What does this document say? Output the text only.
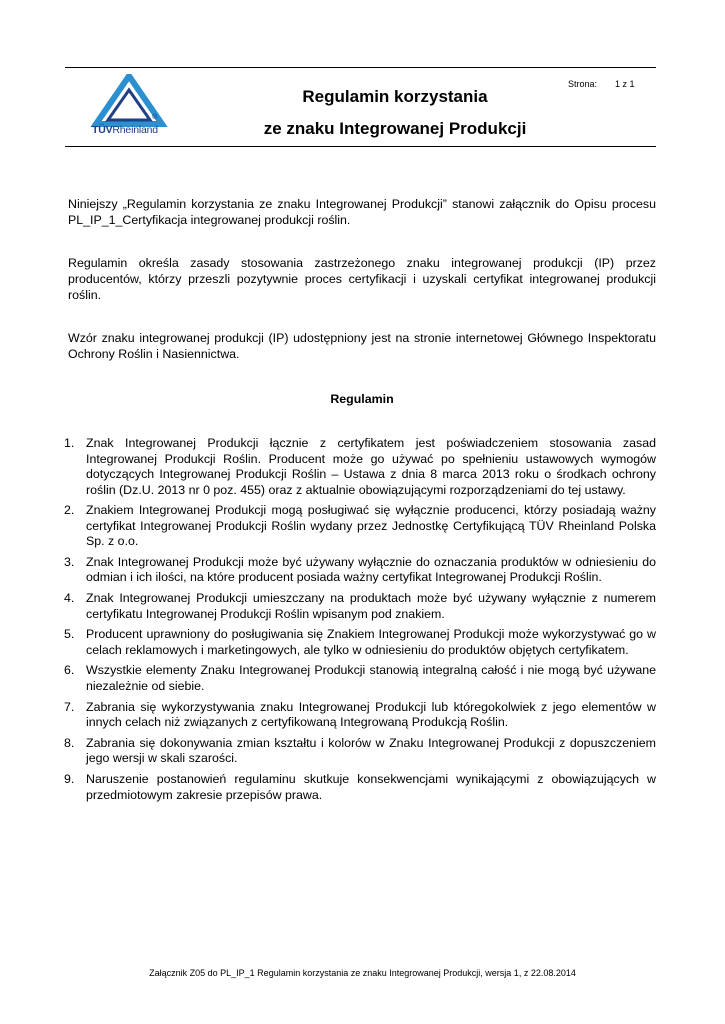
®
TÜVRheinland
Strona: 1 z 1
Regulamin korzystania
ze znaku Integrowanej Produkcji

Niniejszy „Regulamin korzystania ze znaku Integrowanej Produkcji” stanowi załącznik do Opisu procesu PL_IP_1_Certyfikacja integrowanej produkcji roślin.

Regulamin określa zasady stosowania zastrzeżonego znaku integrowanej produkcji (IP) przez producentów, którzy przeszli pozytywnie proces certyfikacji i uzyskali certyfikat integrowanej produkcji roślin.

Wzór znaku integrowanej produkcji (IP) udostępniony jest na stronie internetowej Głównego Inspektoratu Ochrony Roślin i Nasiennictwa.

Regulamin
1. Znak Integrowanej Produkcji łącznie z certyfikatem jest poświadczeniem stosowania zasad Integrowanej Produkcji Roślin. Producent może go używać po spełnieniu ustawowych wymogów dotyczących Integrowanej Produkcji Roślin – Ustawa z dnia 8 marca 2013 roku o środkach ochrony roślin (Dz.U. 2013 nr 0 poz. 455) oraz z aktualnie obowiązującymi rozporządzeniami do tej ustawy.
2. Znakiem Integrowanej Produkcji mogą posługiwać się wyłącznie producenci, którzy posiadają ważny certyfikat Integrowanej Produkcji Roślin wydany przez Jednostkę Certyfikującą TÜV Rheinland Polska Sp. z o.o.
3. Znak Integrowanej Produkcji może być używany wyłącznie do oznaczania produktów w odniesieniu do odmian i ich ilości, na które producent posiada ważny certyfikat Integrowanej Produkcji Roślin.
4. Znak Integrowanej Produkcji umieszczany na produktach może być używany wyłącznie z numerem certyfikatu Integrowanej Produkcji Roślin wpisanym pod znakiem.
5. Producent uprawniony do posługiwania się Znakiem Integrowanej Produkcji może wykorzystywać go w celach reklamowych i marketingowych, ale tylko w odniesieniu do produktów objętych certyfikatem.
6. Wszystkie elementy Znaku Integrowanej Produkcji stanowią integralną całość i nie mogą być używane niezależnie od siebie.
7. Zabrania się wykorzystywania znaku Integrowanej Produkcji lub któregokolwiek z jego elementów w innych celach niż związanych z certyfikowaną Integrowaną Produkcją Roślin.
8. Zabrania się dokonywania zmian kształtu i kolorów w Znaku Integrowanej Produkcji z dopuszczeniem jego wersji w skali szarości.
9. Naruszenie postanowień regulaminu skutkuje konsekwencjami wynikającymi z obowiązujących w przedmiotowym zakresie przepisów prawa.
Załącznik Z05 do PL_IP_1 Regulamin korzystania ze znaku Integrowanej Produkcji, wersja 1, z 22.08.2014
